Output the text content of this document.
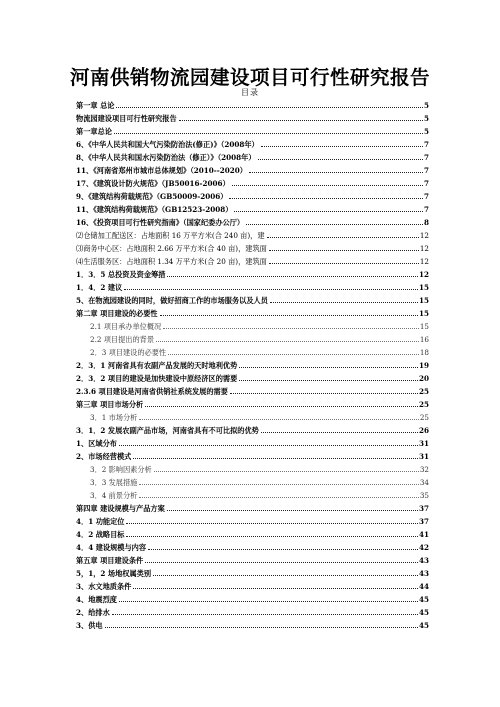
河南供销物流园建设项目可行性研究报告
目录
第一章 总论	5
物流园建设项目可行性研究报告	5
第一章总论	5
6、《中华人民共和国大气污染防治法(修正)》（2008年）	7
8、《中华人民共和国水污染防治法（修正）》（2008年）	7
11、《河南省郑州市城市总体规划》（2010--2020）	7
17、《建筑设计防火规范》（JB50016-2006）	7
9、《建筑结构荷载规范》（GB50009-2006）	7
11、《建筑结构荷载规范》（GB12523-2008）	7
16、《投资项目可行性研究指南》（国家纪委办公厅）	8
⑵仓储加工配送区：占地面积 16 万平方米(合 240 亩)，建	12
⑶商务中心区：占地面积 2.66 万平方米(合 40 亩)，建筑面	12
⑷生活服务区：占地面积 1.34 万平方米(合 20 亩)，建筑面	12
1．3．5 总投资及资金筹措	12
1．4．2 建议	15
5、在物流园建设的同时，做好招商工作的市场服务以及人员	15
第二章 项目建设的必要性	15
2.1 项目承办单位概况	15
2.2 项目提出的背景	16
2．3 项目建设的必要性	18
2．3．1 河南省具有农副产品发展的天时地利优势	19
2．3．2 项目的建设是加快建设中原经济区的需要	20
2.3.6 项目建设是河南省供销社系统发展的需要	25
第三章 项目市场分析	25
3．1 市场分析	25
3．1．2 发展农副产品市场，河南省具有不可比拟的优势	26
1、区域分布	31
2、市场经营模式	31
3．2 影响因素分析	32
3．3 发展措施	34
3．4 前景分析	35
第四章 建设规模与产品方案	37
4．1 功能定位	37
4．2 战略目标	41
4．4 建设规模与内容	42
第五章 项目建设条件	43
5，1，2 场地权属类别	43
3、水文地质条件	44
4、地震烈度	45
2、给排水	45
3、供电	45
